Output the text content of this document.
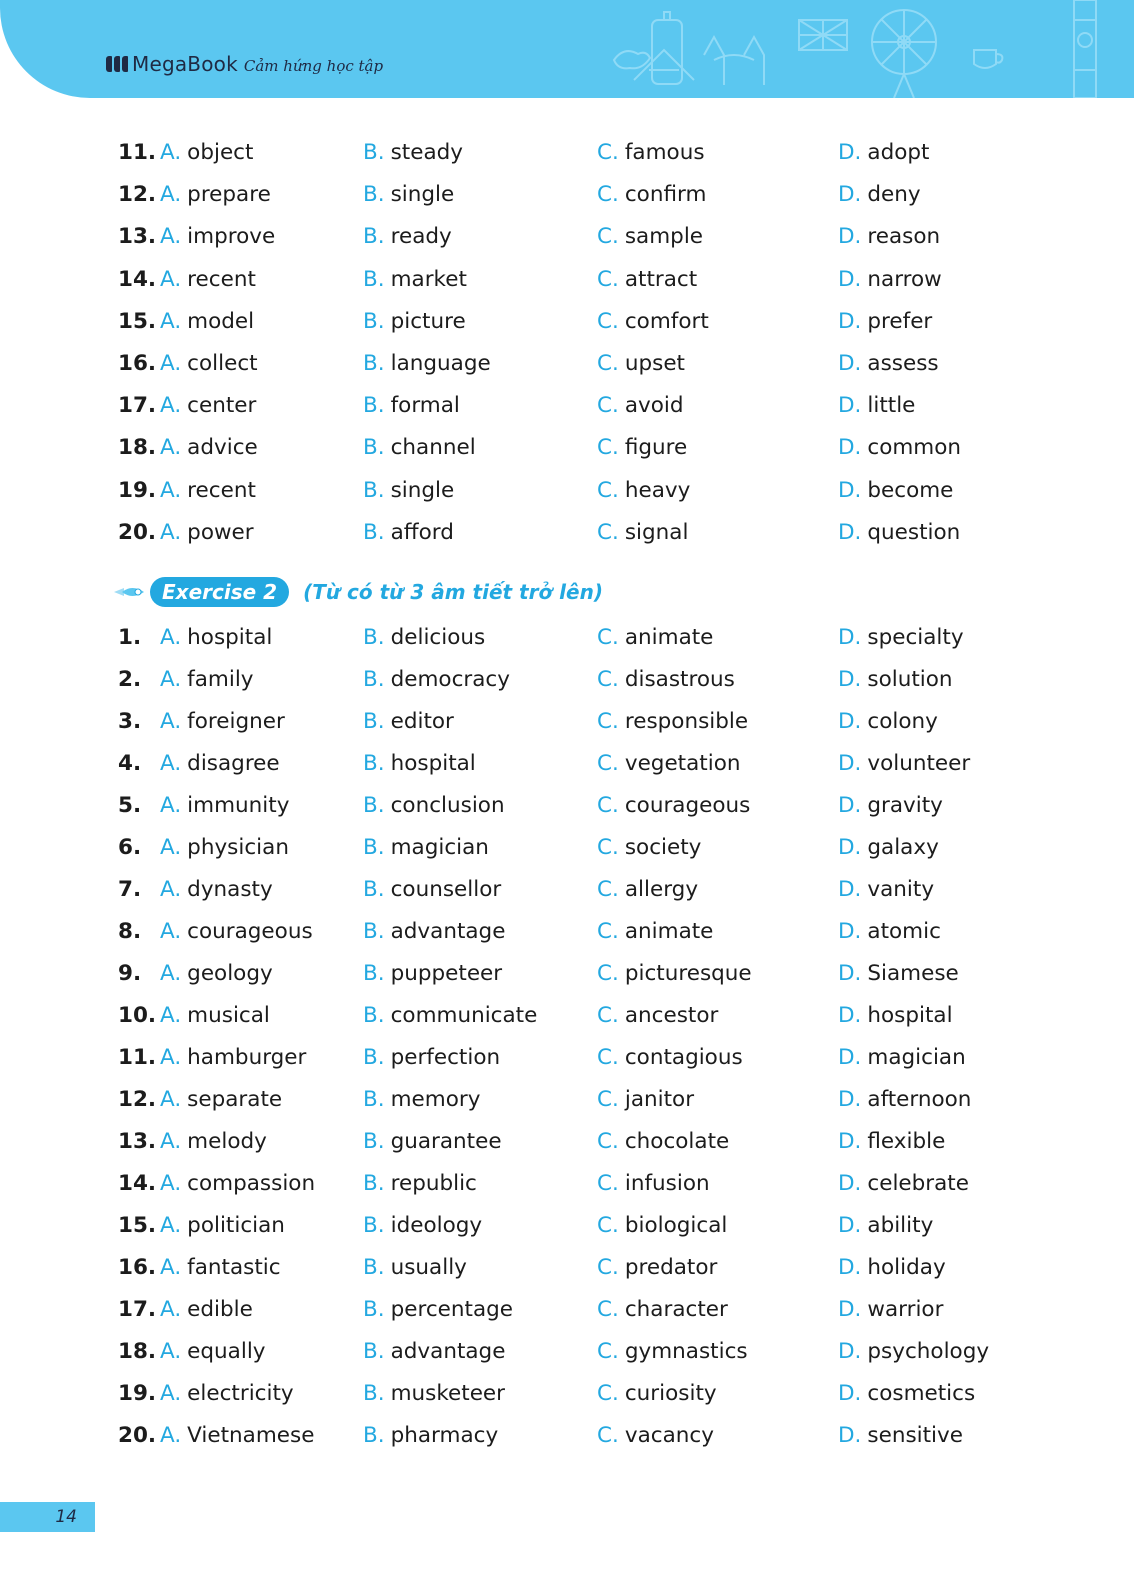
MegaBook Cảm hứng học tập
11. A. object	B. steady	C. famous	D. adopt
12. A. prepare	B. single	C. confirm	D. deny
13. A. improve	B. ready	C. sample	D. reason
14. A. recent	B. market	C. attract	D. narrow
15. A. model	B. picture	C. comfort	D. prefer
16. A. collect	B. language	C. upset	D. assess
17. A. center	B. formal	C. avoid	D. little
18. A. advice	B. channel	C. figure	D. common
19. A. recent	B. single	C. heavy	D. become
20. A. power	B. afford	C. signal	D. question
Exercise 2	(Từ có từ 3 âm tiết trở lên)
1. A. hospital	B. delicious	C. animate	D. specialty
2. A. family	B. democracy	C. disastrous	D. solution
3. A. foreigner	B. editor	C. responsible	D. colony
4. A. disagree	B. hospital	C. vegetation	D. volunteer
5. A. immunity	B. conclusion	C. courageous	D. gravity
6. A. physician	B. magician	C. society	D. galaxy
7. A. dynasty	B. counsellor	C. allergy	D. vanity
8. A. courageous B. advantage	C. animate	D. atomic
9. A. geology	B. puppeteer	C. picturesque	D. Siamese
10. A. musical	B. communicate	C. ancestor	D. hospital
11. A. hamburger	B. perfection	C. contagious	D. magician
12. A. separate	B. memory	C. janitor	D. afternoon
13. A. melody	B. guarantee	C. chocolate	D. flexible
14. A. compassion B. republic	C. infusion	D. celebrate
15. A. politician	B. ideology	C. biological	D. ability
16. A. fantastic	B. usually	C. predator	D. holiday
17. A. edible	B. percentage	C. character	D. warrior
18. A. equally	B. advantage	C. gymnastics	D. psychology
19. A. electricity	B. musketeer	C. curiosity	D. cosmetics
20. A. Vietnamese B. pharmacy	C. vacancy	D. sensitive
14
